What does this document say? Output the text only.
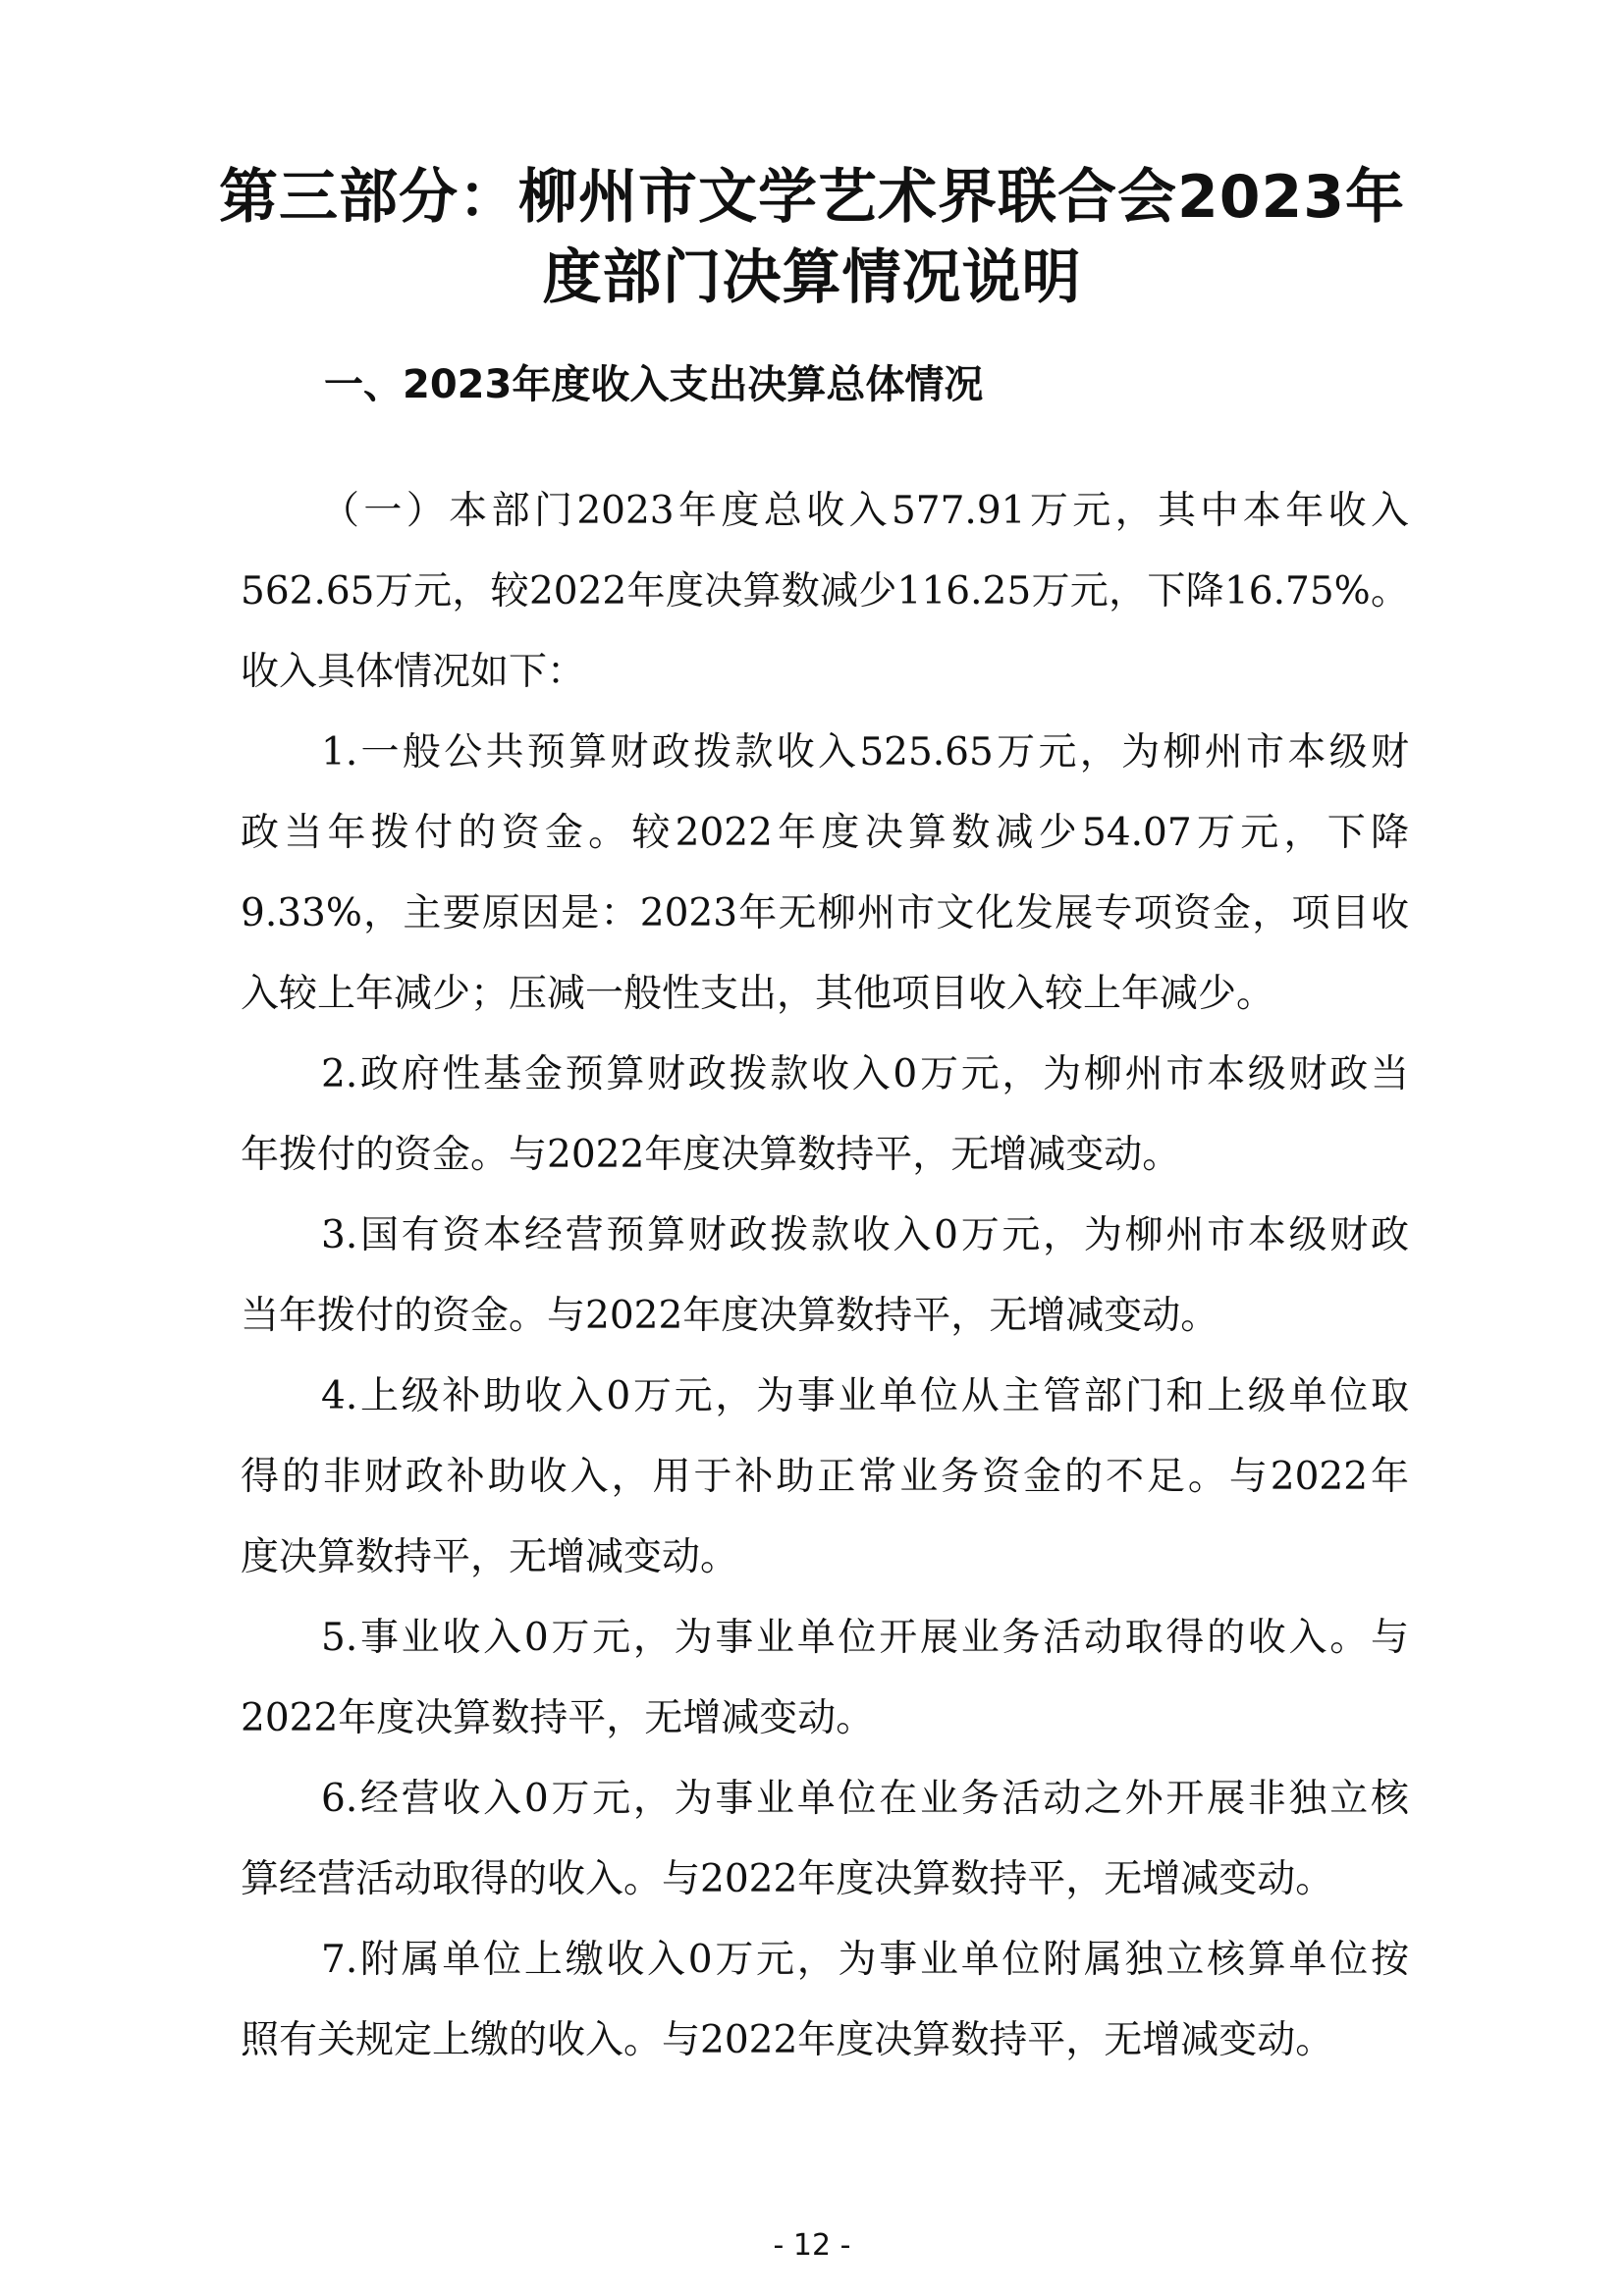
第三部分：柳州市文学艺术界联合会2023年
度部门决算情况说明
一、2023年度收入支出决算总体情况
（一）本部门2023年度总收入577.91万元，其中本年收入
562.65万元，较2022年度决算数减少116.25万元，下降16.75%。
收入具体情况如下：
1.一般公共预算财政拨款收入525.65万元，为柳州市本级财
政当年拨付的资金。较2022年度决算数减少54.07万元，下降
9.33%，主要原因是：2023年无柳州市文化发展专项资金，项目收
入较上年减少；压减一般性支出，其他项目收入较上年减少。
2.政府性基金预算财政拨款收入0万元，为柳州市本级财政当
年拨付的资金。与2022年度决算数持平，无增减变动。
3.国有资本经营预算财政拨款收入0万元，为柳州市本级财政
当年拨付的资金。与2022年度决算数持平，无增减变动。
4.上级补助收入0万元，为事业单位从主管部门和上级单位取
得的非财政补助收入，用于补助正常业务资金的不足。与2022年
度决算数持平，无增减变动。
5.事业收入0万元，为事业单位开展业务活动取得的收入。与
2022年度决算数持平，无增减变动。
6.经营收入0万元，为事业单位在业务活动之外开展非独立核
算经营活动取得的收入。与2022年度决算数持平，无增减变动。
7.附属单位上缴收入0万元，为事业单位附属独立核算单位按
照有关规定上缴的收入。与2022年度决算数持平，无增减变动。
- 12 -
